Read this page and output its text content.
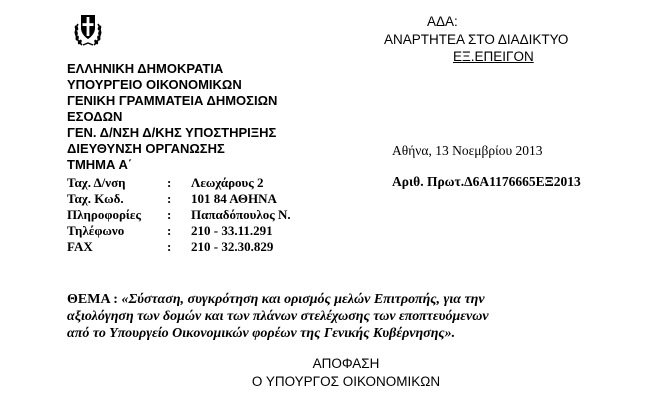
ΕΛΛΗΝΙΚΗ ΔΗΜΟΚΡΑΤΙΑ
ΥΠΟΥΡΓΕΙΟ ΟΙΚΟΝΟΜΙΚΩΝ
ΓΕΝΙΚΗ ΓΡΑΜΜΑΤΕΙΑ ΔΗΜΟΣΙΩΝ
ΕΣΟΔΩΝ
ΓΕΝ. Δ/ΝΣΗ Δ/ΚΗΣ ΥΠΟΣΤΗΡΙΞΗΣ
ΔΙΕΥΘΥΝΣΗ ΟΡΓΑΝΩΣΗΣ
ΤΜΗΜΑ Α΄
Ταχ. Δ/νση	: Λεωχάρους 2
Ταχ. Κωδ.	: 101 84 ΑΘΗΝΑ
Πληροφορίες : Παπαδόπουλος Ν.
Τηλέφωνο	: 210 - 33.11.291
FAX	: 210 - 32.30.829
ΑΔΑ:
ΑΝΑΡΤΗΤΕΑ ΣΤΟ ΔΙΑΔΙΚΤΥΟ
ΕΞ.ΕΠΕΙΓΟΝ
Αθήνα, 13 Νοεμβρίου 2013
Αριθ. Πρωτ.Δ6Α1176665ΕΞ2013
ΘΕΜΑ : «Σύσταση, συγκρότηση και ορισμός μελών Επιτροπής, για την
αξιολόγηση των δομών και των πλάνων στελέχωσης των εποπτευόμενων
από το Υπουργείο Οικονομικών φορέων της Γενικής Κυβέρνησης».
ΑΠΟΦΑΣΗ
Ο ΥΠΟΥΡΓΟΣ ΟΙΚΟΝΟΜΙΚΩΝ
